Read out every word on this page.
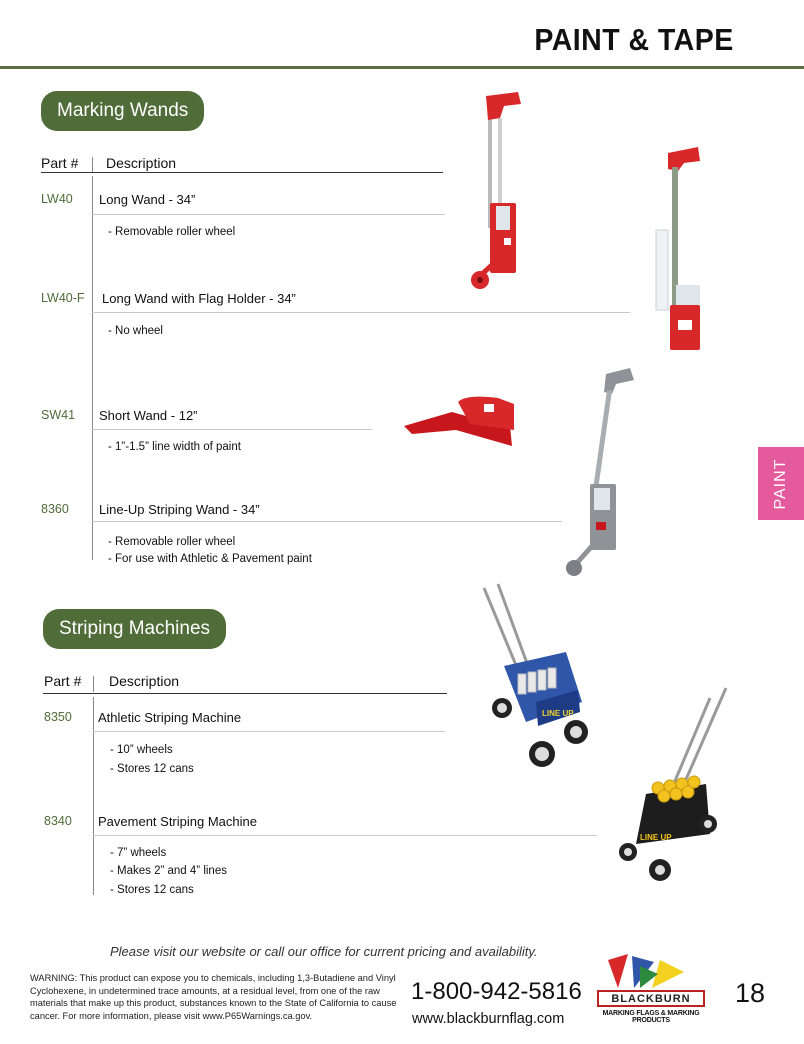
PAINT & TAPE
PAINT
Marking Wands
Part # Description
LW40 Long Wand - 34”
- Removable roller wheel
LW40-F Long Wand with Flag Holder - 34”
- No wheel
SW41 Short Wand - 12”
- 1”-1.5” line width of paint
8360 Line-Up Striping Wand - 34”
- Removable roller wheel
- For use with Athletic & Pavement paint
Striping Machines
Part # Description
8350 Athletic Striping Machine
- 10” wheels
- Stores 12 cans
8340 Pavement Striping Machine
- 7” wheels
- Makes 2” and 4” lines
- Stores 12 cans
LINE UP
LINE UP
Please visit our website or call our office for current pricing and availability.
WARNING: This product can expose you to chemicals, including 1,3-Butadiene and Vinyl Cyclohexene, in undetermined trace amounts, at a residual level, from one of the raw materials that make up this product, substances known to the State of California to cause cancer. For more information, please visit www.P65Warnings.ca.gov.
1-800-942-5816
www.blackburnflag.com
BLACKBURN
MARKING FLAGS & MARKING PRODUCTS
18
